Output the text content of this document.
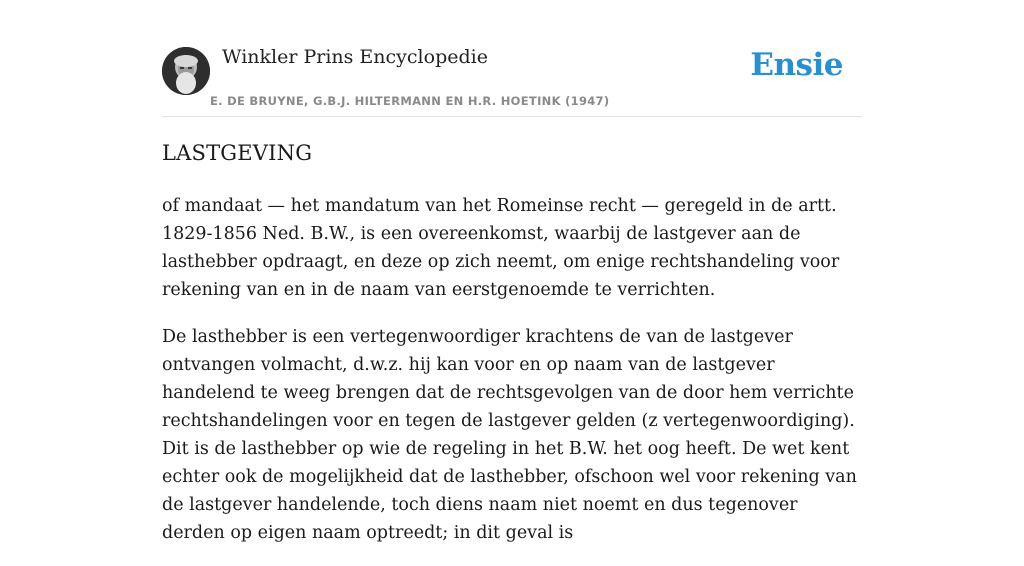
Winkler Prins Encyclopedie
E. DE BRUYNE, G.B.J. HILTERMANN EN H.R. HOETINK (1947)
Ensie
LASTGEVING

of mandaat — het mandatum van het Romeinse recht — geregeld in de artt. 1829-1856 Ned. B.W., is een overeenkomst, waarbij de lastgever aan de lasthebber opdraagt, en deze op zich neemt, om enige rechtshandeling voor rekening van en in de naam van eerstgenoemde te verrichten.

De lasthebber is een vertegenwoordiger krachtens de van de lastgever ontvangen volmacht, d.w.z. hij kan voor en op naam van de lastgever handelend te weeg brengen dat de rechtsgevolgen van de door hem verrichte rechtshandelingen voor en tegen de lastgever gelden (z vertegenwoordiging). Dit is de lasthebber op wie de regeling in het B.W. het oog heeft. De wet kent echter ook de mogelijkheid dat de lasthebber, ofschoon wel voor rekening van de lastgever handelende, toch diens naam niet noemt en dus tegenover derden op eigen naam optreedt; in dit geval is
